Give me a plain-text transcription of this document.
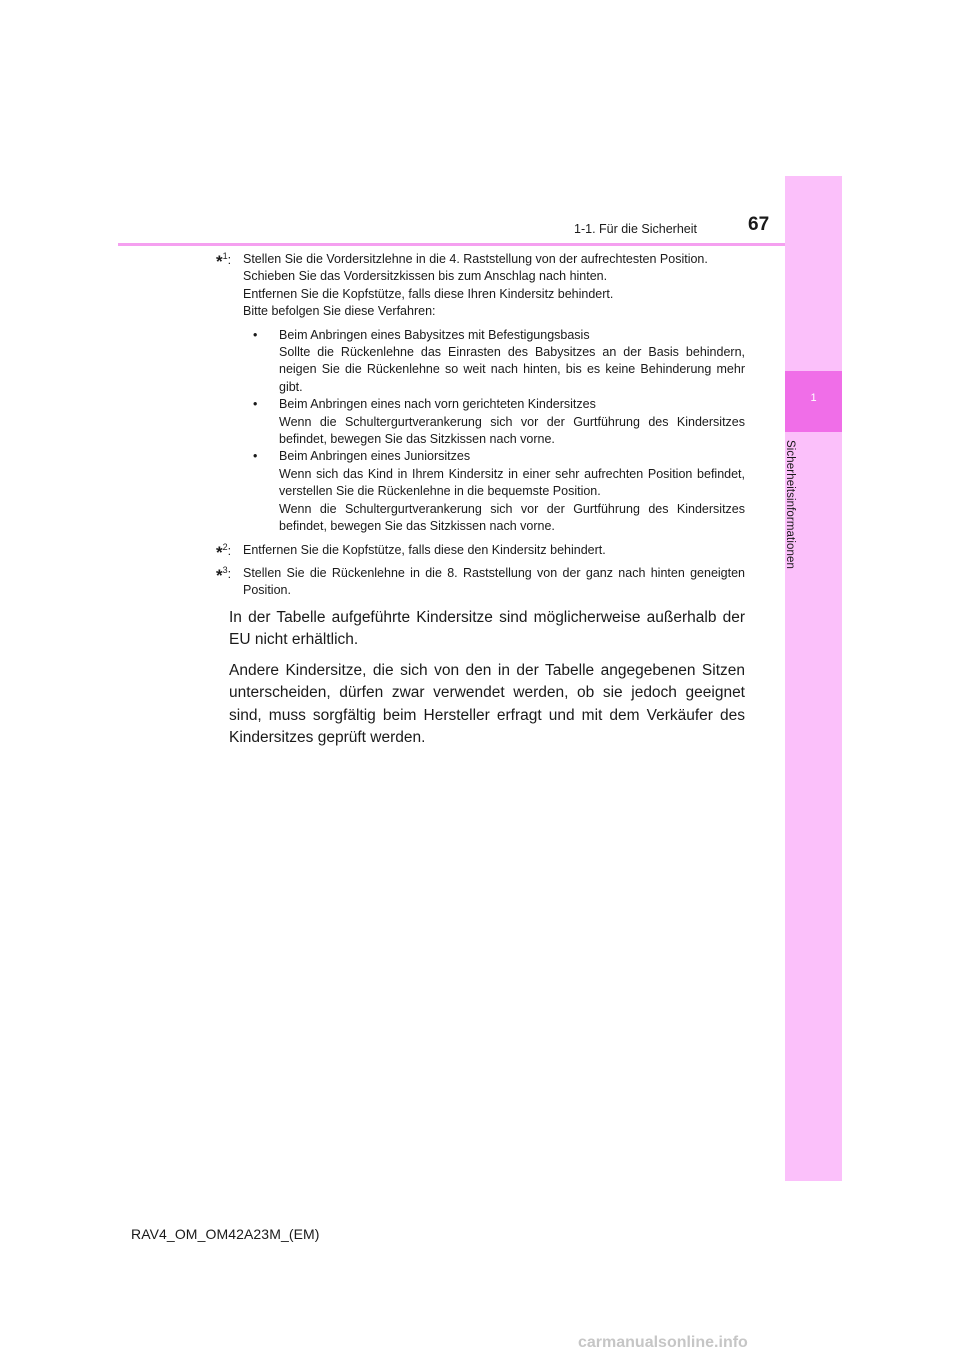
67
1-1. Für die Sicherheit
1
Sicherheitsinformationen
*$^1$: Stellen Sie die Vordersitzlehne in die 4. Raststellung von der aufrechtesten Position.

Schieben Sie das Vordersitzkissen bis zum Anschlag nach hinten.

Entfernen Sie die Kopfstütze, falls diese Ihren Kindersitz behindert.

Bitte befolgen Sie diese Verfahren:

• Beim Anbringen eines Babysitzes mit Befestigungsbasis

Sollte die Rückenlehne das Einrasten des Babysitzes an der Basis behindern, neigen Sie die Rückenlehne so weit nach hinten, bis es keine Behinderung mehr gibt.

• Beim Anbringen eines nach vorn gerichteten Kindersitzes

Wenn die Schultergurtverankerung sich vor der Gurtführung des Kindersitzes befindet, bewegen Sie das Sitzkissen nach vorne.

• Beim Anbringen eines Juniorsitzes

Wenn sich das Kind in Ihrem Kindersitz in einer sehr aufrechten Position befindet, verstellen Sie die Rückenlehne in die bequemste Position.

Wenn die Schultergurtverankerung sich vor der Gurtführung des Kindersitzes befindet, bewegen Sie das Sitzkissen nach vorne.

*$^2$: Entfernen Sie die Kopfstütze, falls diese den Kindersitz behindert.

*$^3$: Stellen Sie die Rückenlehne in die 8. Raststellung von der ganz nach hinten geneigten Position.

In der Tabelle aufgeführte Kindersitze sind möglicherweise außerhalb der EU nicht erhältlich.

Andere Kindersitze, die sich von den in der Tabelle angegebenen Sitzen unterscheiden, dürfen zwar verwendet werden, ob sie jedoch geeignet sind, muss sorgfältig beim Hersteller erfragt und mit dem Verkäufer des Kindersitzes geprüft werden.

RAV4_OM_OM42A23M_(EM)
carmanualsonline.info
